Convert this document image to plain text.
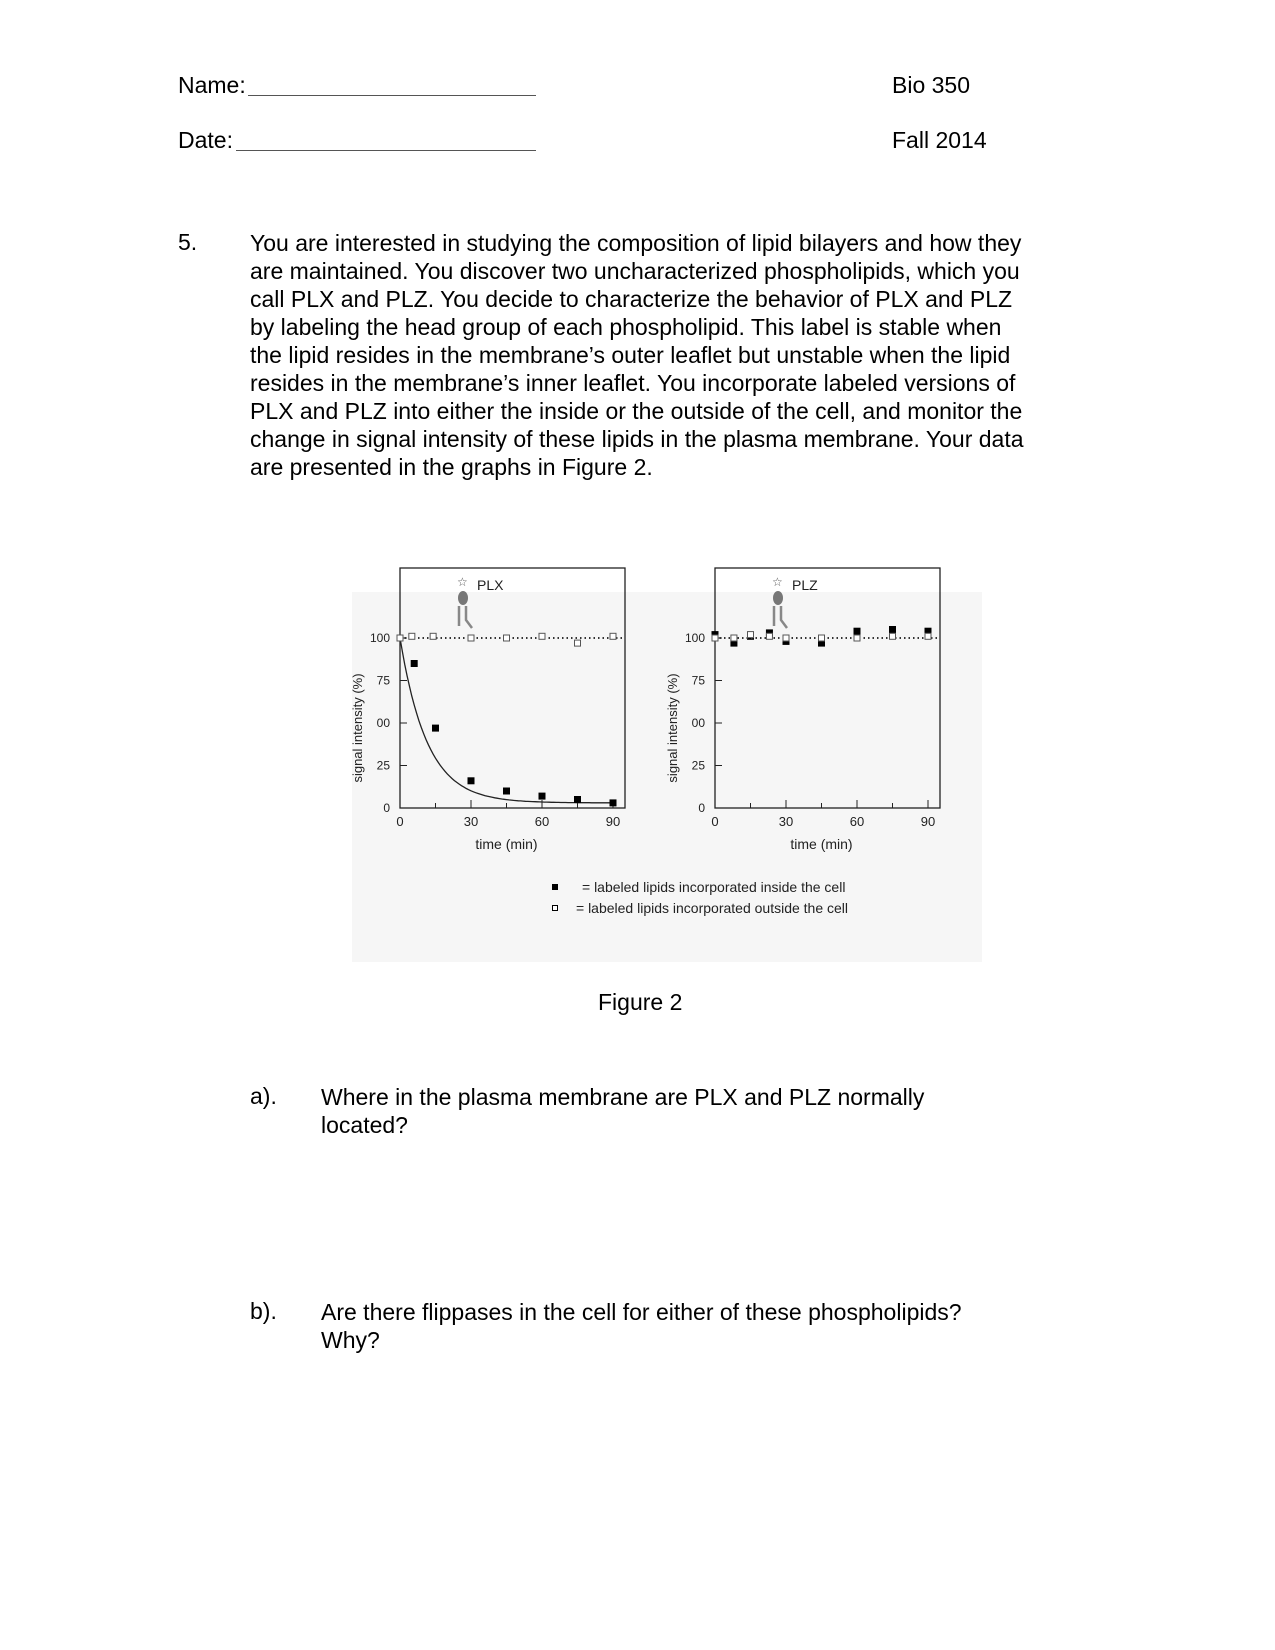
Name:
Date:
Bio 350
Fall 2014
5. You are interested in studying the composition of lipid bilayers and how they are maintained. You discover two uncharacterized phospholipids, which you call PLX and PLZ. You decide to characterize the behavior of PLX and PLZ by labeling the head group of each phospholipid. This label is stable when the lipid resides in the membrane’s outer leaflet but unstable when the lipid resides in the membrane’s inner leaflet. You incorporate labeled versions of PLX and PLZ into either the inside or the outside of the cell, and monitor the change in signal intensity of these lipids in the plasma membrane. Your data are presented in the graphs in Figure 2.
0
25
00
75
100
0	30	60	90
time (min)
signal intensity (%)
☆ PLX
0
25
00
75
100
0	30	60	90
time (min)
signal intensity (%)
☆ PLZ
= labeled lipids incorporated inside the cell
= labeled lipids incorporated outside the cell
Figure 2
a). Where in the plasma membrane are PLX and PLZ normally located?
b). Are there flippases in the cell for either of these phospholipids? Why?
